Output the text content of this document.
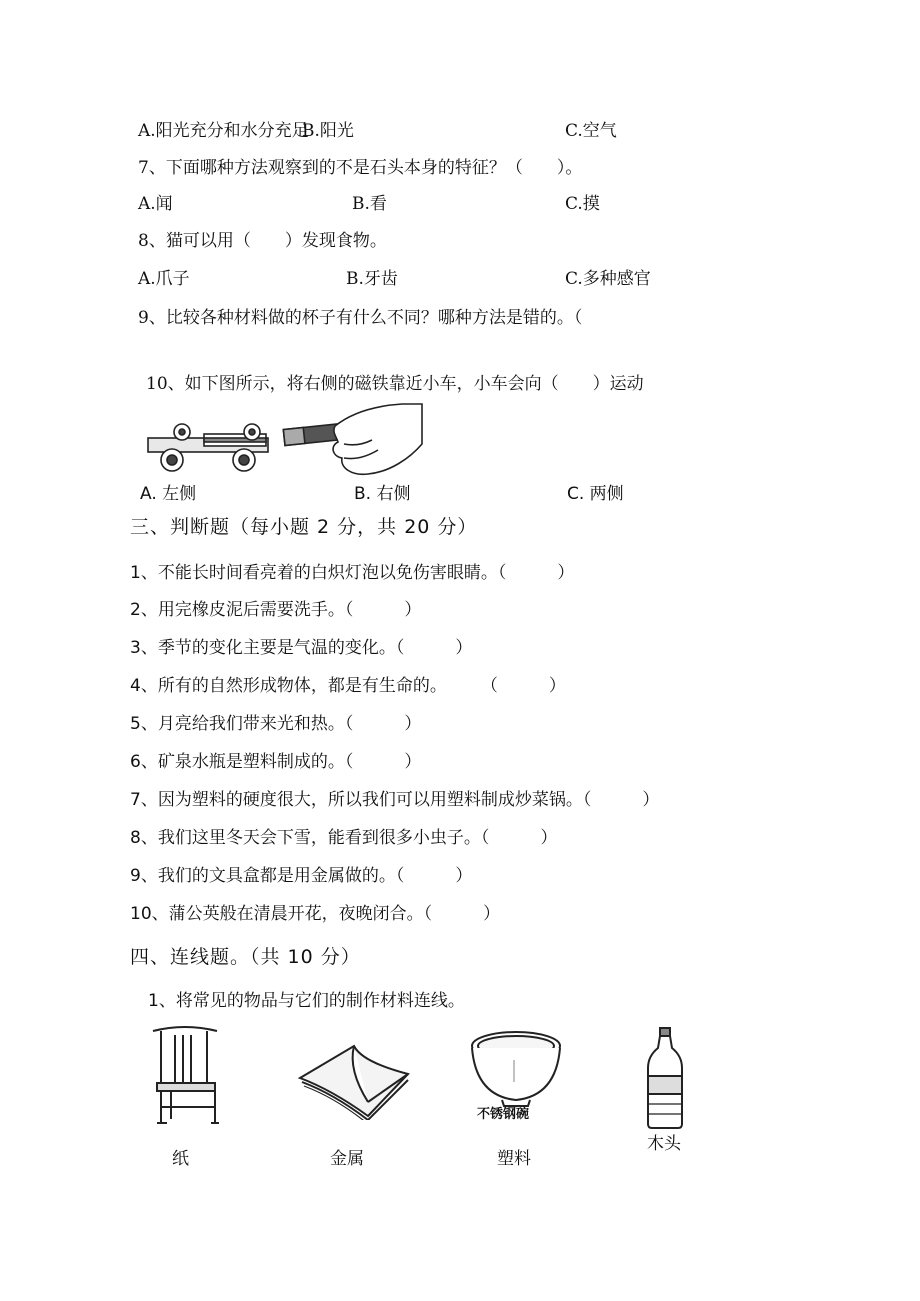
A.阳光充分和水分充足
B.阳光	C.空气
7、下面哪种方法观察到的不是石头本身的特征？（　　）。
A.闻	B.看	C.摸
8、猫可以用（　　）发现食物。
A.爪子	B.牙齿	C.多种感官
9、比较各种材料做的杯子有什么不同？哪种方法是错的。（
10、如下图所示，将右侧的磁铁靠近小车，小车会向（　　）运动
A. 左侧	B. 右侧	C. 两侧
三、判断题（每小题 2 分，共 20 分）
1、不能长时间看亮着的白炽灯泡以免伤害眼睛。（　　　）
2、用完橡皮泥后需要洗手。（　　　）
3、季节的变化主要是气温的变化。（　　　）
4、所有的自然形成物体，都是有生命的。　　　（　　　）
5、月亮给我们带来光和热。（　　　）
6、矿泉水瓶是塑料制成的。（　　　）
7、因为塑料的硬度很大，所以我们可以用塑料制成炒菜锅。（　　　）
8、我们这里冬天会下雪，能看到很多小虫子。（　　　）
9、我们的文具盒都是用金属做的。（　　　）
10、蒲公英般在清晨开花，夜晚闭合。（　　　）
四、连线题。（共 10 分）
1、将常见的物品与它们的制作材料连线。
不锈钢碗
纸	金属	塑料
木头
